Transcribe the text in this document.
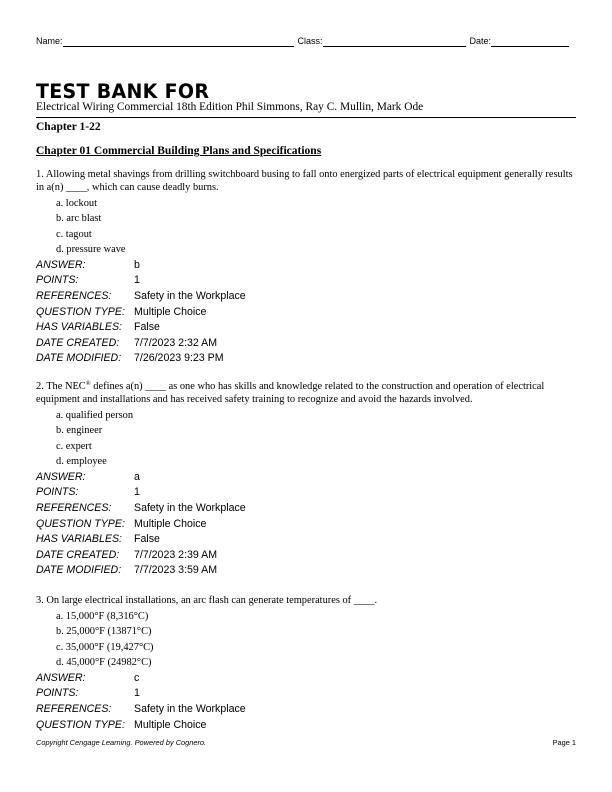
Name:	Class:	Date:
TEST BANK FOR
Electrical Wiring Commercial 18th Edition Phil Simmons, Ray C. Mullin, Mark Ode
Chapter 1-22
Chapter 01 Commercial Building Plans and Specifications
1. Allowing metal shavings from drilling switchboard busing to fall onto energized parts of electrical equipment generally results in a(n) ____, which can cause deadly burns.
a. lockout
b. arc blast
c. tagout
d. pressure wave
ANSWER:	b
POINTS:	1
REFERENCES:	Safety in the Workplace
QUESTION TYPE: Multiple Choice
HAS VARIABLES:	False
DATE CREATED:	7/7/2023 2:32 AM
DATE MODIFIED:	7/26/2023 9:23 PM
2. The NEC® defines a(n) ____ as one who has skills and knowledge related to the construction and operation of electrical equipment and installations and has received safety training to recognize and avoid the hazards involved.
a. qualified person
b. engineer
c. expert
d. employee
ANSWER:	a
POINTS:	1
REFERENCES:	Safety in the Workplace
QUESTION TYPE: Multiple Choice
HAS VARIABLES:	False
DATE CREATED:	7/7/2023 2:39 AM
DATE MODIFIED:	7/7/2023 3:59 AM
3. On large electrical installations, an arc flash can generate temperatures of ____.
a. 15,000°F (8,316°C)
b. 25,000°F (13871°C)
c. 35,000°F (19,427°C)
d. 45,000°F (24982°C)
ANSWER:	c
POINTS:	1
REFERENCES:	Safety in the Workplace
QUESTION TYPE: Multiple Choice
Copyright Cengage Learning. Powered by Cognero.	Page 1
